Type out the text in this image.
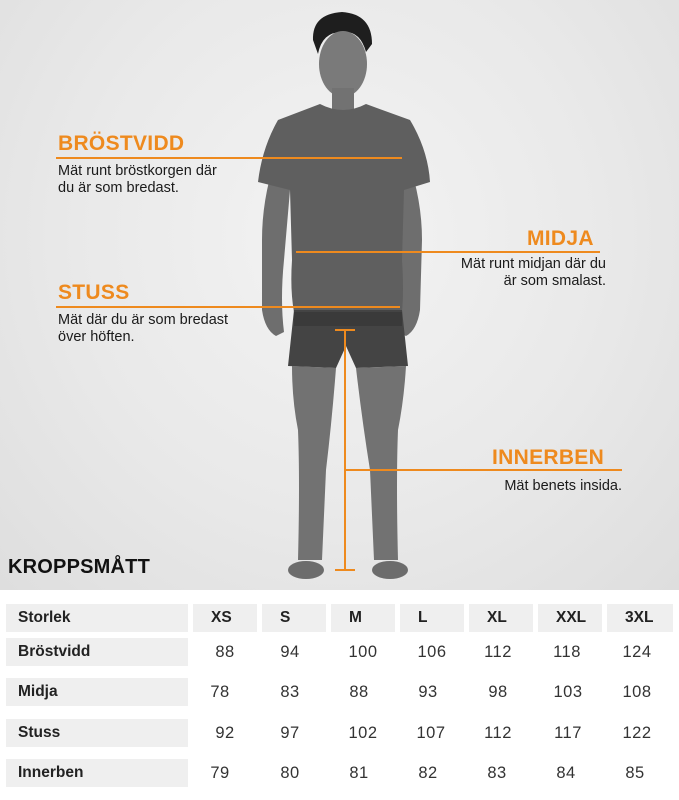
BRÖSTVIDD
Mät runt bröstkorgen där
du är som bredast.
MIDJA
Mät runt midjan där du
är som smalast.
STUSS
Mät där du är som bredast
över höften.
INNERBEN
Mät benets insida.
KROPPSMÅTT
Storlek	XS	S	M	L	XL	XXL	3XL
Bröstvidd	88	94	100	106	112	118	124
Midja	78	83	88	93	98	103	108
Stuss	92	97	102	107	112	117	122
Innerben	79	80	81	82	83	84	85
